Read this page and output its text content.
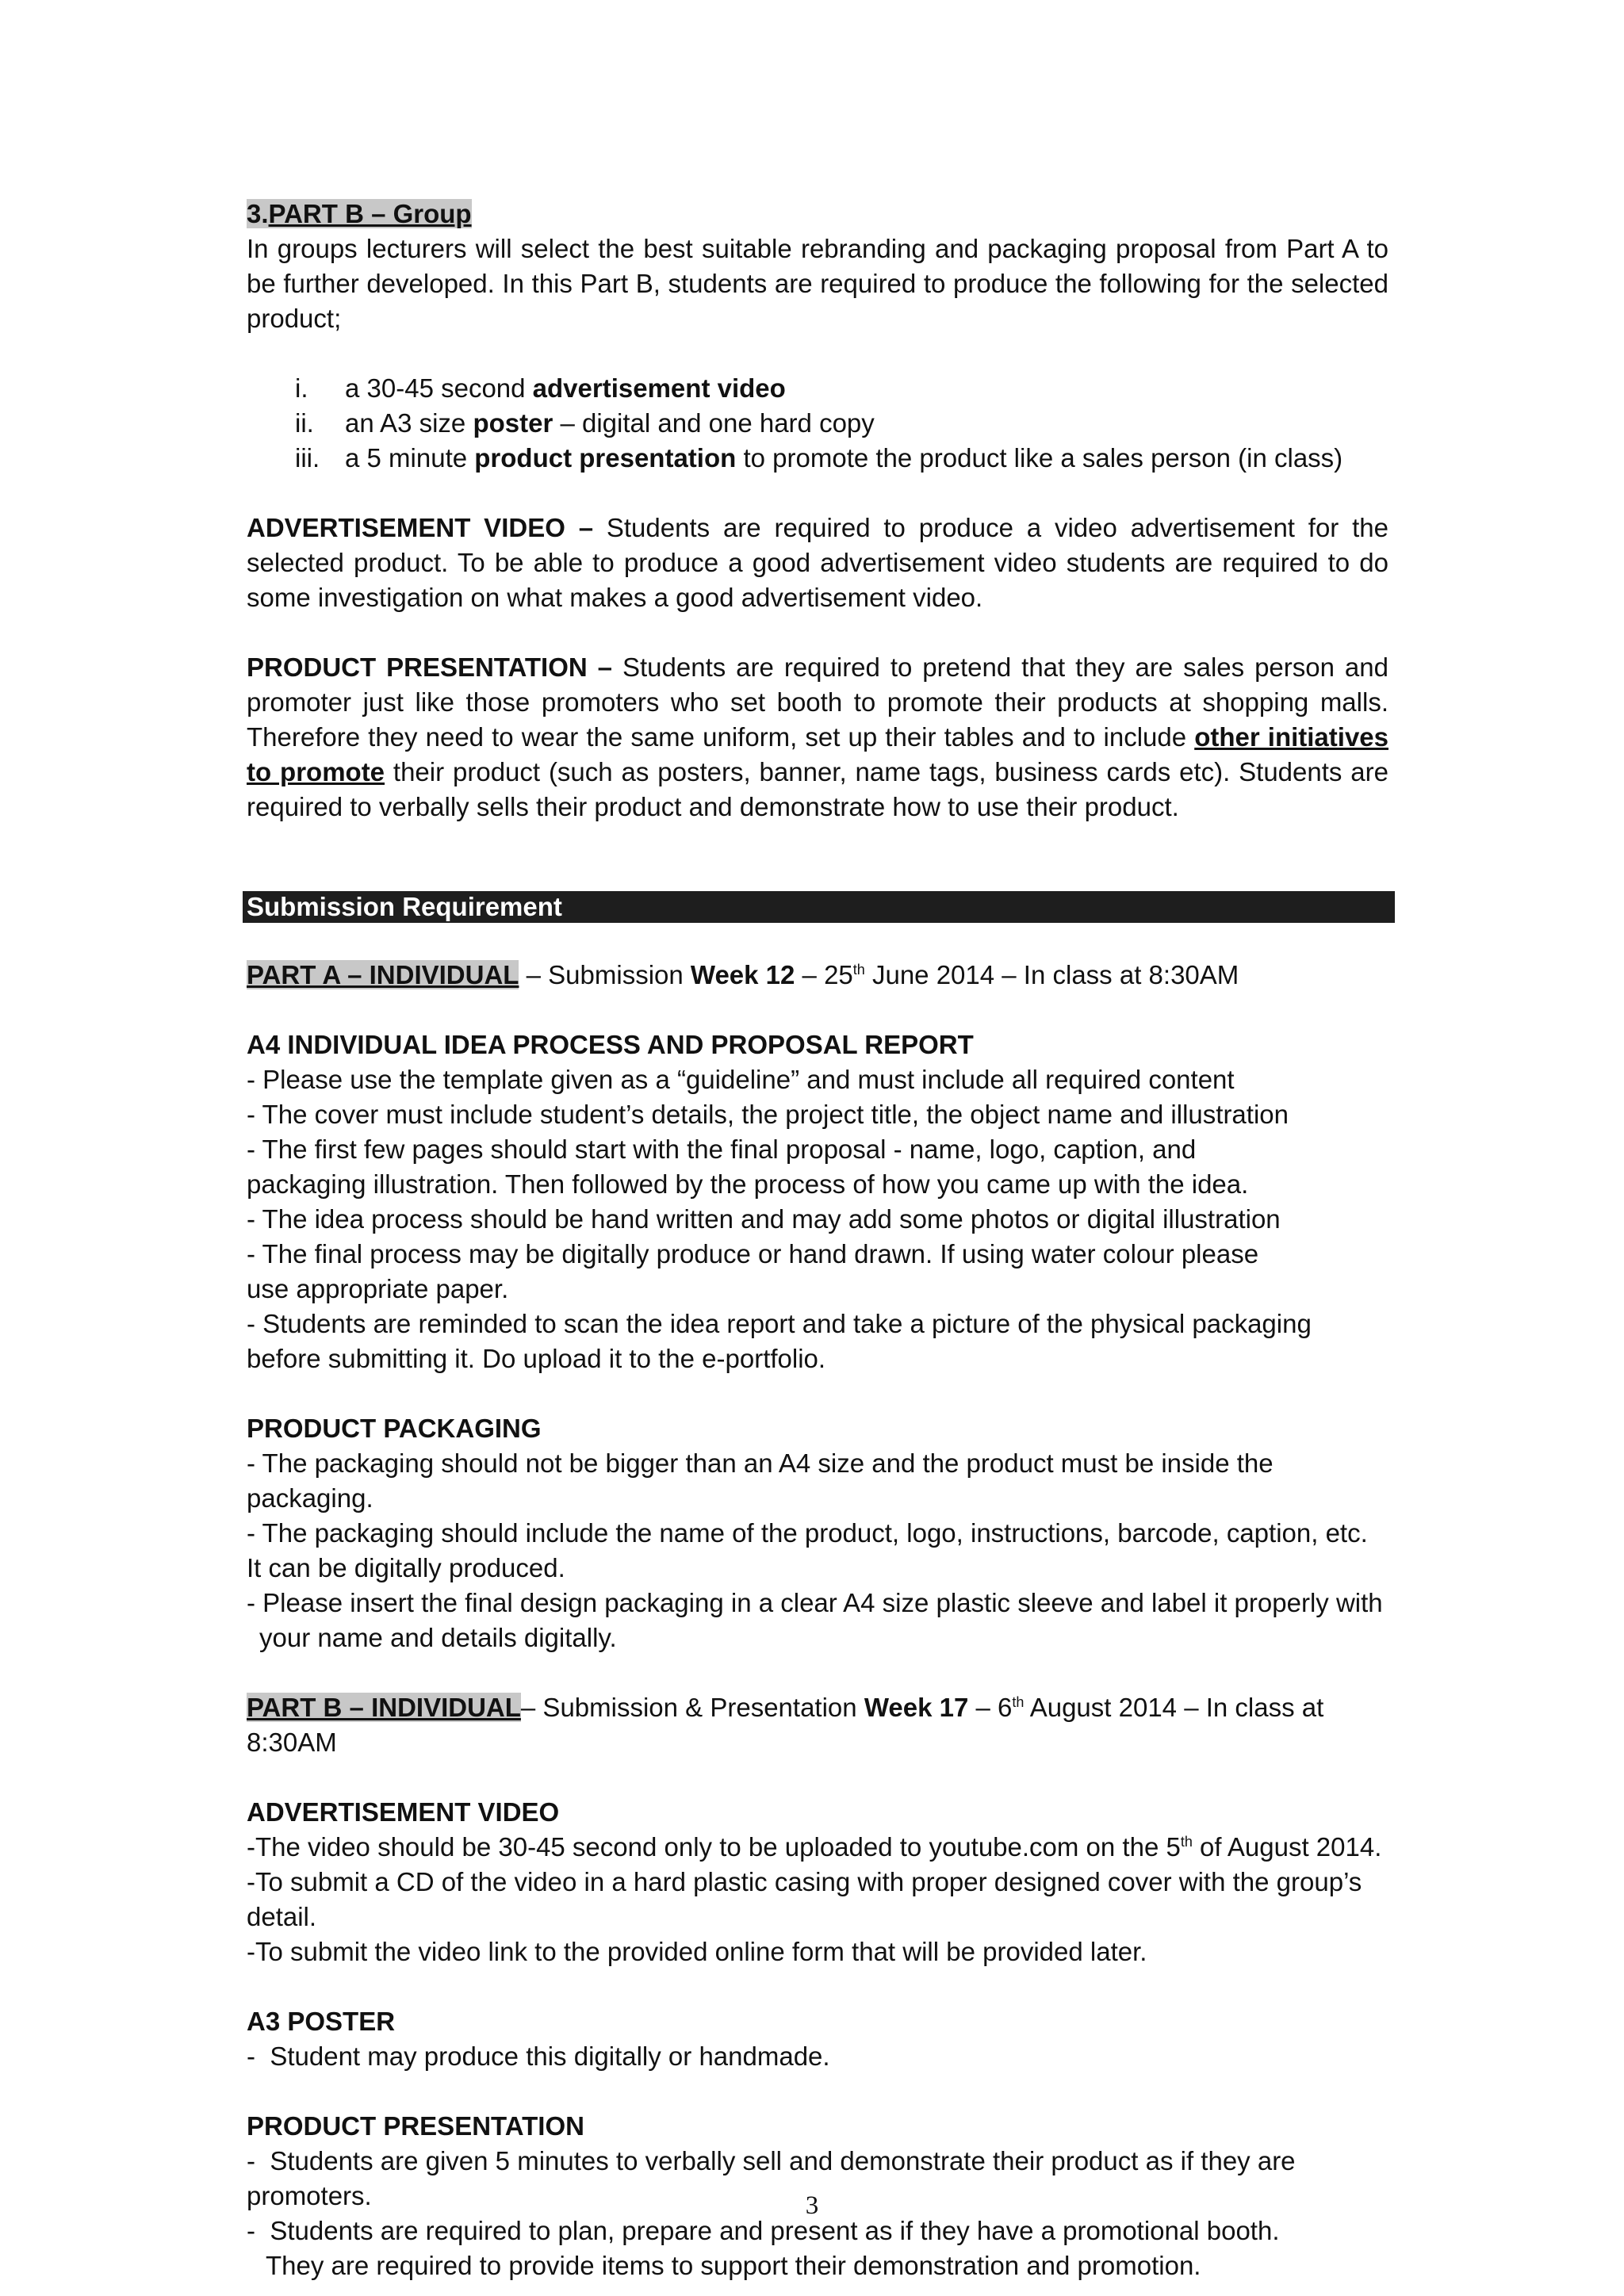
3.PART B – Group
In groups lecturers will select the best suitable rebranding and packaging proposal from Part A to be further developed. In this Part B, students are required to produce the following for the selected product;
i.	a 30-45 second advertisement video
ii.	an A3 size poster – digital and one hard copy
iii. a 5 minute product presentation to promote the product like a sales person (in class)
ADVERTISEMENT VIDEO – Students are required to produce a video advertisement for the selected product. To be able to produce a good advertisement video students are required to do some investigation on what makes a good advertisement video.
PRODUCT PRESENTATION – Students are required to pretend that they are sales person and promoter just like those promoters who set booth to promote their products at shopping malls. Therefore they need to wear the same uniform, set up their tables and to include other initiatives to promote their product (such as posters, banner, name tags, business cards etc). Students are required to verbally sells their product and demonstrate how to use their product.
Submission Requirement
PART A – INDIVIDUAL – Submission Week 12 – 25th June 2014 – In class at 8:30AM
A4 INDIVIDUAL IDEA PROCESS AND PROPOSAL REPORT
- Please use the template given as a “guideline” and must include all required content
- The cover must include student’s details, the project title, the object name and illustration
- The first few pages should start with the final proposal - name, logo, caption, and packaging illustration. Then followed by the process of how you came up with the idea.
- The idea process should be hand written and may add some photos or digital illustration
- The final process may be digitally produce or hand drawn. If using water colour please use appropriate paper.
- Students are reminded to scan the idea report and take a picture of the physical packaging before submitting it. Do upload it to the e-portfolio.
PRODUCT PACKAGING
- The packaging should not be bigger than an A4 size and the product must be inside the packaging.
- The packaging should include the name of the product, logo, instructions, barcode, caption, etc. It can be digitally produced.
- Please insert the final design packaging in a clear A4 size plastic sleeve and label it properly with your name and details digitally.
PART B – INDIVIDUAL– Submission & Presentation Week 17 – 6th August 2014 – In class at 8:30AM
ADVERTISEMENT VIDEO
-The video should be 30-45 second only to be uploaded to youtube.com on the 5th of August 2014.
-To submit a CD of the video in a hard plastic casing with proper designed cover with the group’s detail.
-To submit the video link to the provided online form that will be provided later.
A3 POSTER
-  Student may produce this digitally or handmade.
PRODUCT PRESENTATION
-  Students are given 5 minutes to verbally sell and demonstrate their product as if they are promoters.
-  Students are required to plan, prepare and present as if they have a promotional booth. They are required to provide items to support their demonstration and promotion.
3
